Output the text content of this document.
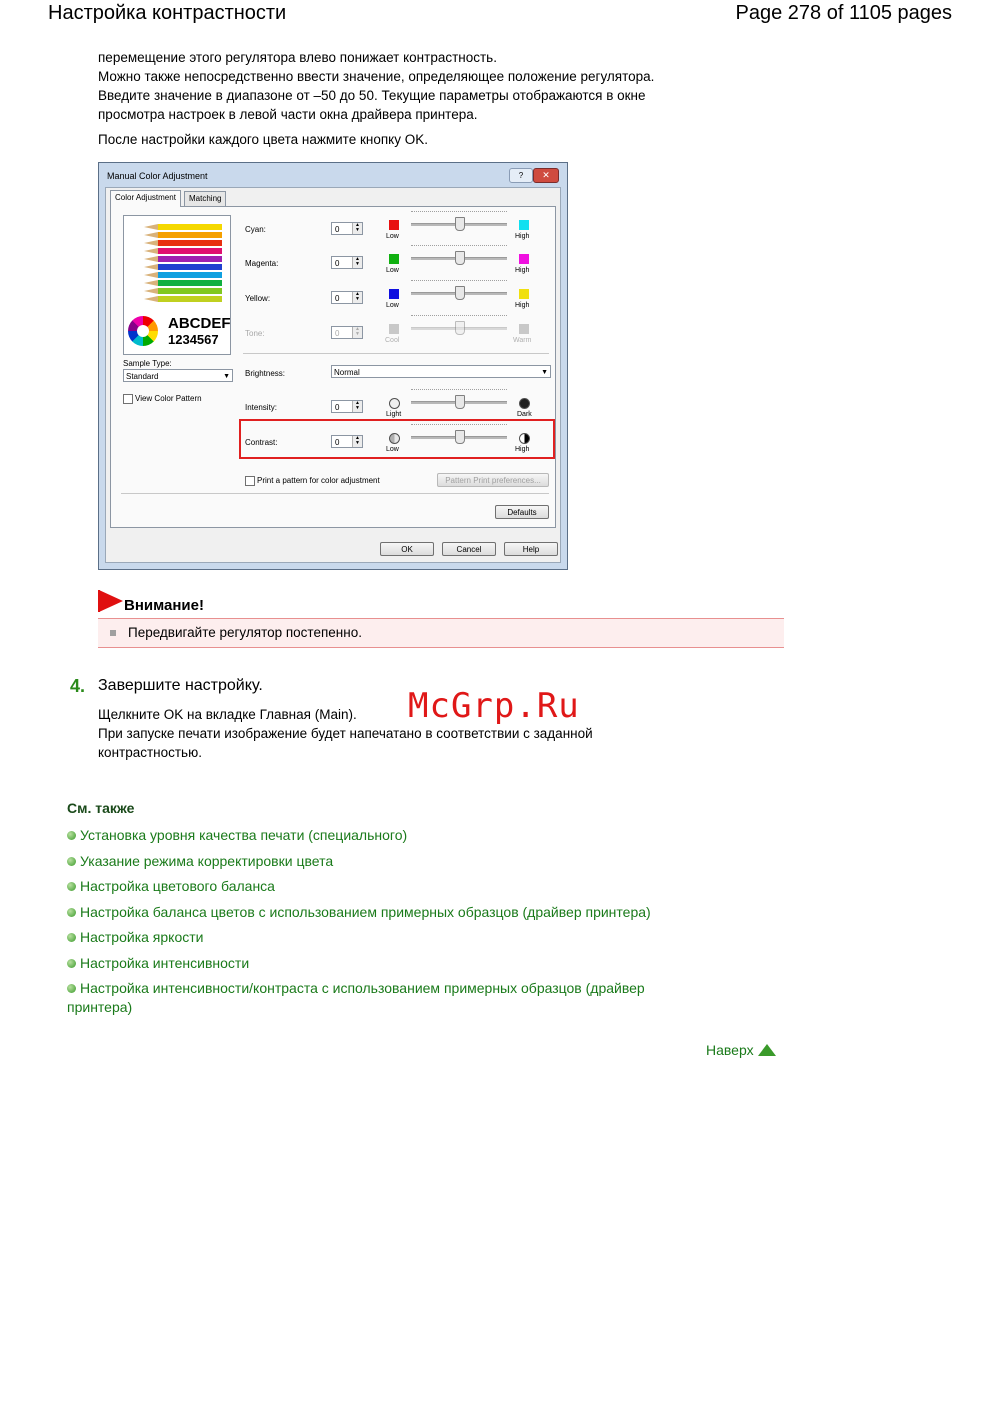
Настройка контрастности	Page 278 of 1105 pages

перемещение этого регулятора влево понижает контрастность.

Можно также непосредственно ввести значение, определяющее положение регулятора.

Введите значение в диапазоне от –50 до 50. Текущие параметры отображаются в окне

просмотра настроек в левой части окна драйвера принтера.

После настройки каждого цвета нажмите кнопку OK.

Manual Color Adjustment	?	✕
Color Adjustment	Matching
ABCDEF
1234567
Sample Type:
Standard	▼
View Color Pattern
Cyan:	0	▲
▼
Low	High
Magenta:	0	▲
▼
Low	High
Yellow:	0	▲
▼
Low	High
Tone:	0	▲
▼
Cool	Warm
Brightness:	Normal	▼
Intensity:	0	▲
▼
Light	Dark
Contrast:	0	▲
▼
Low	High
Print a pattern for color adjustment	Pattern Print preferences...
Defaults
OK	Cancel	Help
Внимание!
Передвигайте регулятор постепенно.
4. Завершите настройку.

Щелкните OK на вкладке Главная (Main).

При запуске печати изображение будет напечатано в соответствии с заданной

контрастностью.

McGrp.Ru
См. также
Установка уровня качества печати (специального)
Указание режима корректировки цвета
Настройка цветового баланса
Настройка баланса цветов с использованием примерных образцов (драйвер принтера)
Настройка яркости
Настройка интенсивности
Настройка интенсивности/контраста с использованием примерных образцов (драйвер принтера)
Наверх
